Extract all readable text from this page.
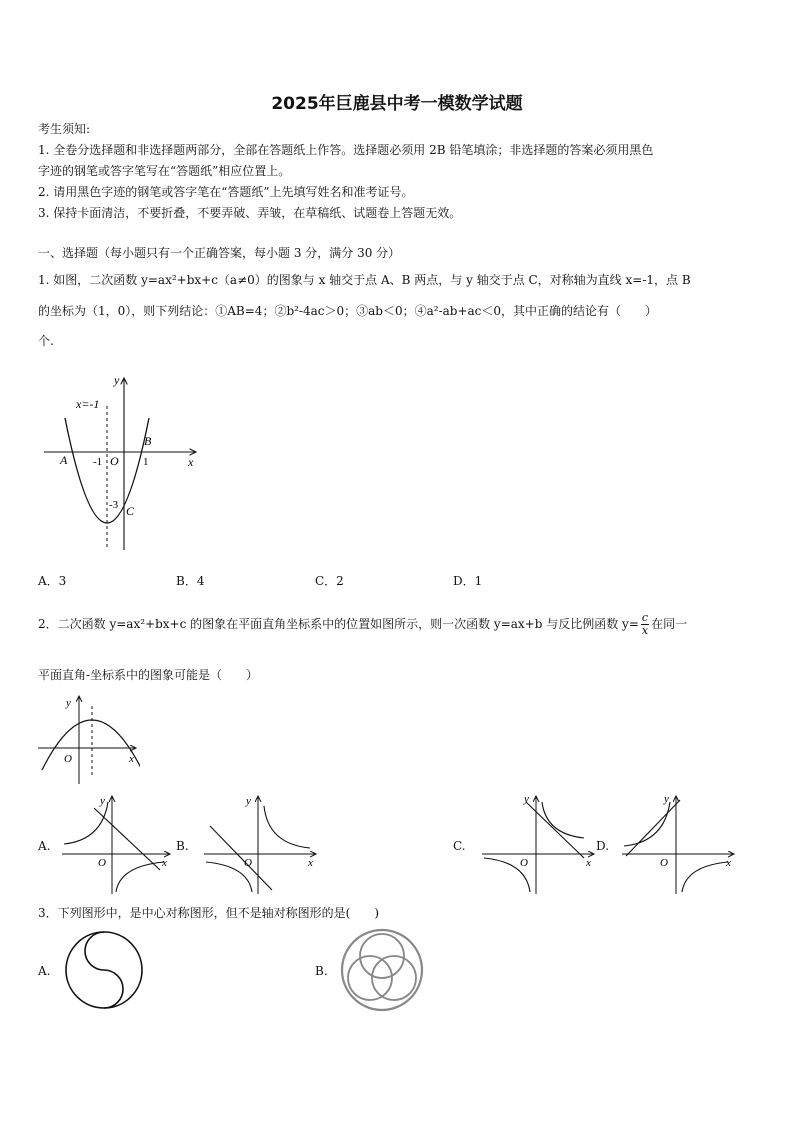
2025年巨鹿县中考一模数学试题
考生须知:
1. 全卷分选择题和非选择题两部分，全部在答题纸上作答。选择题必须用 2B 铅笔填涂；非选择题的答案必须用黑色
字迹的钢笔或答字笔写在“答题纸”相应位置上。
2. 请用黑色字迹的钢笔或答字笔在“答题纸”上先填写姓名和准考证号。
3. 保持卡面清洁，不要折叠，不要弄破、弄皱，在草稿纸、试题卷上答题无效。
一、选择题（每小题只有一个正确答案，每小题 3 分，满分 30 分）
1. 如图，二次函数 y=ax²+bx+c（a≠0）的图象与 x 轴交于点 A、B 两点，与 y 轴交于点 C，对称轴为直线 x=-1，点 B
的坐标为（1，0），则下列结论：①AB=4；②b²-4ac＞0；③ab＜0；④a²-ab+ac＜0，其中正确的结论有（　　）
个.
x=-1
y
x
A
B
C
O
-1	1
-3
A．3	B．4	C．2	D．1
2．二次函数 y=ax²+bx+c 的图象在平面直角坐标系中的位置如图所示，则一次函数 y=ax+b 与反比例函数 $y= \frac{c}{x}$ 在同一
平面直角-坐标系中的图象可能是（　　）
y
x
O
A.
y
x
O
B.
y
x
O
C.
y
x
O
D.
y
x
O
3．下列图形中，是中心对称图形，但不是轴对称图形的是(　　)
A.	B.
